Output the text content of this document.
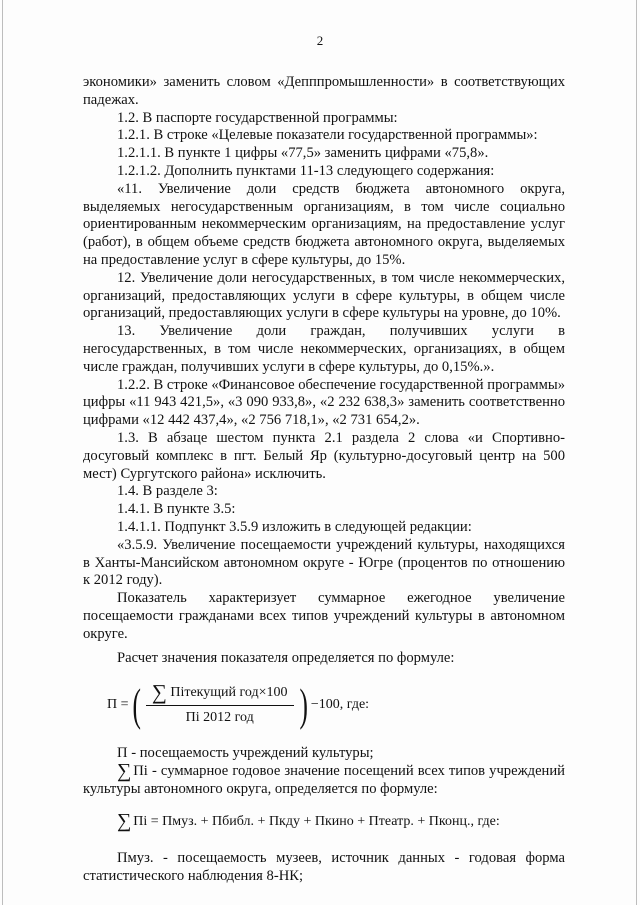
2

экономики» заменить словом «Депппромышленности» в соответствующих падежах.

1.2. В паспорте государственной программы:

1.2.1. В строке «Целевые показатели государственной программы»:

1.2.1.1. В пункте 1 цифры «77,5» заменить цифрами «75,8».

1.2.1.2. Дополнить пунктами 11-13 следующего содержания:

«11. Увеличение доли средств бюджета автономного округа, выделяемых негосударственным организациям, в том числе социально ориентированным некоммерческим организациям, на предоставление услуг (работ), в общем объеме средств бюджета автономного округа, выделяемых на предоставление услуг в сфере культуры, до 15%.

12. Увеличение доли негосударственных, в том числе некоммерческих, организаций, предоставляющих услуги в сфере культуры, в общем числе организаций, предоставляющих услуги в сфере культуры на уровне, до 10%.

13. Увеличение доли граждан, получивших услуги в негосударственных, в том числе некоммерческих, организациях, в общем числе граждан, получивших услуги в сфере культуры, до 0,15%.».

1.2.2. В строке «Финансовое обеспечение государственной программы» цифры «11 943 421,5», «3 090 933,8», «2 232 638,3» заменить соответственно цифрами «12 442 437,4», «2 756 718,1», «2 731 654,2».

1.3. В абзаце шестом пункта 2.1 раздела 2 слова «и Спортивно-досуговый комплекс в пгт. Белый Яр (культурно-досуговый центр на 500 мест) Сургутского района» исключить.

1.4. В разделе 3:

1.4.1. В пункте 3.5:

1.4.1.1. Подпункт 3.5.9 изложить в следующей редакции:

«3.5.9. Увеличение посещаемости учреждений культуры, находящихся в Ханты-Мансийском автономном округе - Югре (процентов по отношению к 2012 году).

Показатель характеризует суммарное ежегодное увеличение посещаемости гражданами всех типов учреждений культуры в автономном округе.

Расчет значения показателя определяется по формуле:

П = ( $\frac{\text{∑ Пiтекущий год×100}}{\text{Пi 2012 год}}$ ) −100, где:

П - посещаемость учреждений культуры;

∑ Пi - суммарное годовое значение посещений всех типов учреждений культуры автономного округа, определяется по формуле:

∑ Пi = Пмуз. + Пбибл. + Пкду + Пкино + Птеатр. + Пконц., где:

Пмуз. - посещаемость музеев, источник данных - годовая форма статистического наблюдения 8-НК;
